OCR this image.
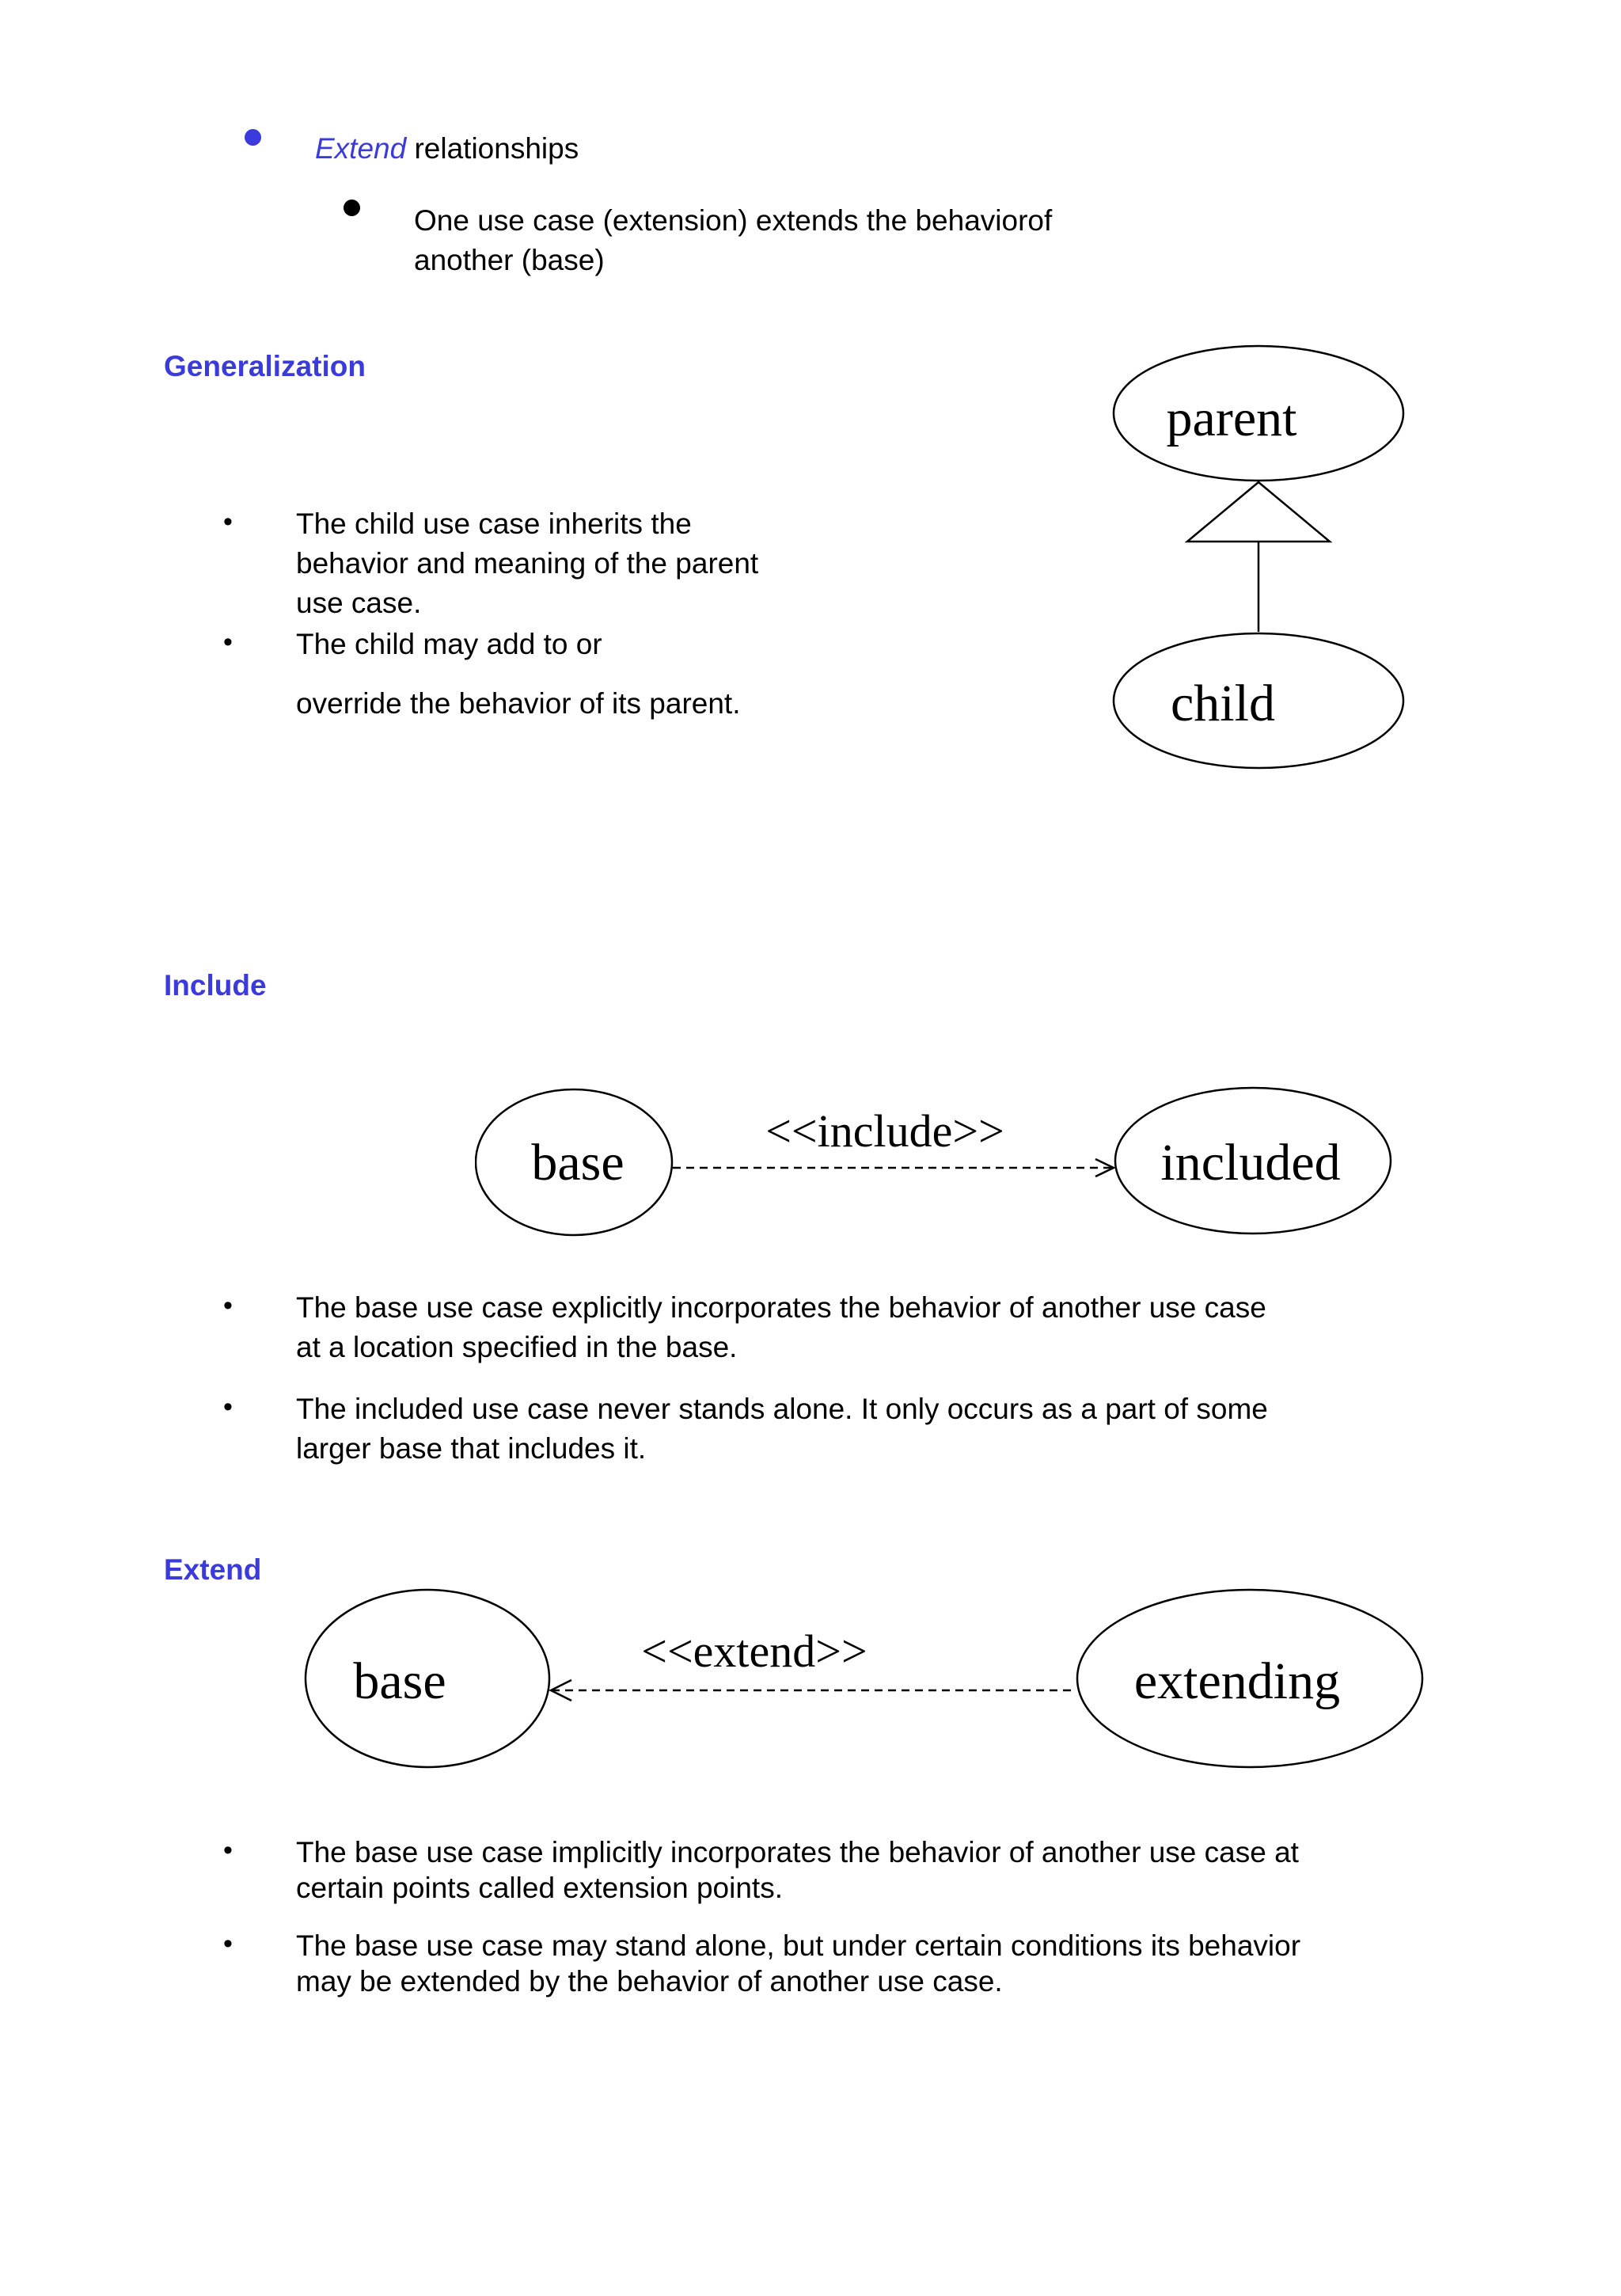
Extend relationships
One use case (extension) extends the behaviorof
another (base)
Generalization
• The child use case inherits the
behavior and meaning of the parent
use case.
• The child may add to or
override the behavior of its parent.
parent
child
Include
base
<<include>>
included
• The base use case explicitly incorporates the behavior of another use case
at a location specified in the base.
• The included use case never stands alone. It only occurs as a part of some
larger base that includes it.
Extend
base
<<extend>>
extending
• The base use case implicitly incorporates the behavior of another use case at
certain points called extension points.
• The base use case may stand alone, but under certain conditions its behavior
may be extended by the behavior of another use case.
